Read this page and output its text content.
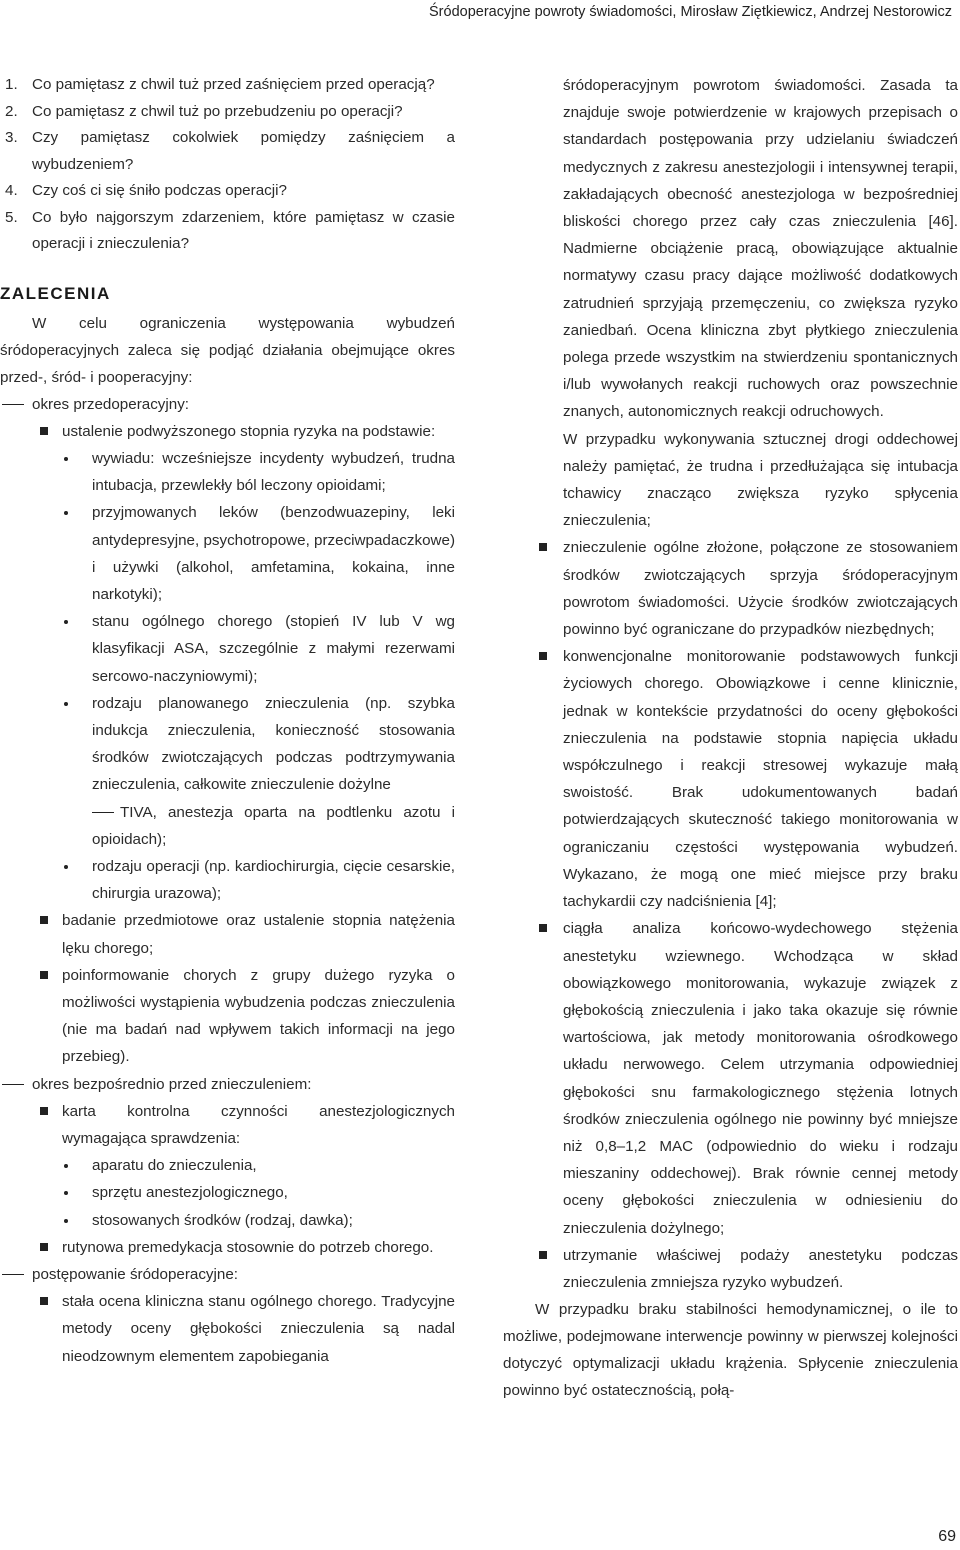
Śródoperacyjne powroty świadomości, Mirosław Ziętkiewicz, Andrzej Nestorowicz
1. Co pamiętasz z chwil tuż przed zaśnięciem przed operacją?
2. Co pamiętasz z chwil tuż po przebudzeniu po operacji?
3. Czy pamiętasz cokolwiek pomiędzy zaśnięciem a wybudzeniem?
4. Czy coś ci się śniło podczas operacji?
5. Co było najgorszym zdarzeniem, które pamiętasz w czasie operacji i znieczulenia?
ZALECENIA

W celu ograniczenia występowania wybudzeń śródoperacyjnych zaleca się podjąć działania obejmujące okres przed-, śród- i pooperacyjny:

okres przedoperacyjny:
ustalenie podwyższonego stopnia ryzyka na podstawie:
wywiadu: wcześniejsze incydenty wybudzeń, trudna intubacja, przewlekły ból leczony opioidami;
przyjmowanych leków (benzodwuazepiny, leki antydepresyjne, psychotropowe, przeciwpadaczkowe) i używki (alkohol, amfetamina, kokaina, inne narkotyki);
stanu ogólnego chorego (stopień IV lub V wg klasyfikacji ASA, szczególnie z małymi rezerwami sercowo-naczyniowymi);
rodzaju planowanego znieczulenia (np. szybka indukcja znieczulenia, konieczność stosowania środków zwiotczających podczas podtrzymywania znieczulenia, całkowite znieczulenie dożylne
TIVA, anestezja oparta na podtlenku azotu i opioidach);
rodzaju operacji (np. kardiochirurgia, cięcie cesarskie, chirurgia urazowa);
badanie przedmiotowe oraz ustalenie stopnia natężenia lęku chorego;
poinformowanie chorych z grupy dużego ryzyka o możliwości wystąpienia wybudzenia podczas znieczulenia (nie ma badań nad wpływem takich informacji na jego przebieg).
okres bezpośrednio przed znieczuleniem:
karta kontrolna czynności anestezjologicznych wymagająca sprawdzenia:
aparatu do znieczulenia,
sprzętu anestezjologicznego,
stosowanych środków (rodzaj, dawka);
rutynowa premedykacja stosownie do potrzeb chorego.
postępowanie śródoperacyjne:
stała ocena kliniczna stanu ogólnego chorego. Tradycyjne metody oceny głębokości znieczulenia są nadal nieodzownym elementem zapobiegania
śródoperacyjnym powrotom świadomości. Zasada ta znajduje swoje potwierdzenie w krajowych przepisach o standardach postępowania przy udzielaniu świadczeń medycznych z zakresu anestezjologii i intensywnej terapii, zakładających obecność anestezjologa w bezpośredniej bliskości chorego przez cały czas znieczulenia [46]. Nadmierne obciążenie pracą, obowiązujące aktualnie normatywy czasu pracy dające możliwość dodatkowych zatrudnień sprzyjają przemęczeniu, co zwiększa ryzyko zaniedbań. Ocena kliniczna zbyt płytkiego znieczulenia polega przede wszystkim na stwierdzeniu spontanicznych i/lub wywołanych reakcji ruchowych oraz powszechnie znanych, autonomicznych reakcji odruchowych.
W przypadku wykonywania sztucznej drogi oddechowej należy pamiętać, że trudna i przedłużająca się intubacja tchawicy znacząco zwiększa ryzyko spłycenia znieczulenia;
znieczulenie ogólne złożone, połączone ze stosowaniem środków zwiotczających sprzyja śródoperacyjnym powrotom świadomości. Użycie środków zwiotczających powinno być ograniczane do przypadków niezbędnych;
konwencjonalne monitorowanie podstawowych funkcji życiowych chorego. Obowiązkowe i cenne klinicznie, jednak w kontekście przydatności do oceny głębokości znieczulenia na podstawie stopnia napięcia układu współczulnego i reakcji stresowej wykazuje małą swoistość. Brak udokumentowanych badań potwierdzających skuteczność takiego monitorowania w ograniczaniu częstości występowania wybudzeń. Wykazano, że mogą one mieć miejsce przy braku tachykardii czy nadciśnienia [4];
ciągła analiza końcowo-wydechowego stężenia anestetyku wziewnego. Wchodząca w skład obowiązkowego monitorowania, wykazuje związek z głębokością znieczulenia i jako taka okazuje się równie wartościowa, jak metody monitorowania ośrodkowego układu nerwowego. Celem utrzymania odpowiedniej głębokości snu farmakologicznego stężenia lotnych środków znieczulenia ogólnego nie powinny być mniejsze niż 0,8–1,2 MAC (odpowiednio do wieku i rodzaju mieszaniny oddechowej). Brak równie cennej metody oceny głębokości znieczulenia w odniesieniu do znieczulenia dożylnego;
utrzymanie właściwej podaży anestetyku podczas znieczulenia zmniejsza ryzyko wybudzeń.

W przypadku braku stabilności hemodynamicznej, o ile to możliwe, podejmowane interwencje powinny w pierwszej kolejności dotyczyć optymalizacji układu krążenia. Spłycenie znieczulenia powinno być ostatecznością, połą-

69
